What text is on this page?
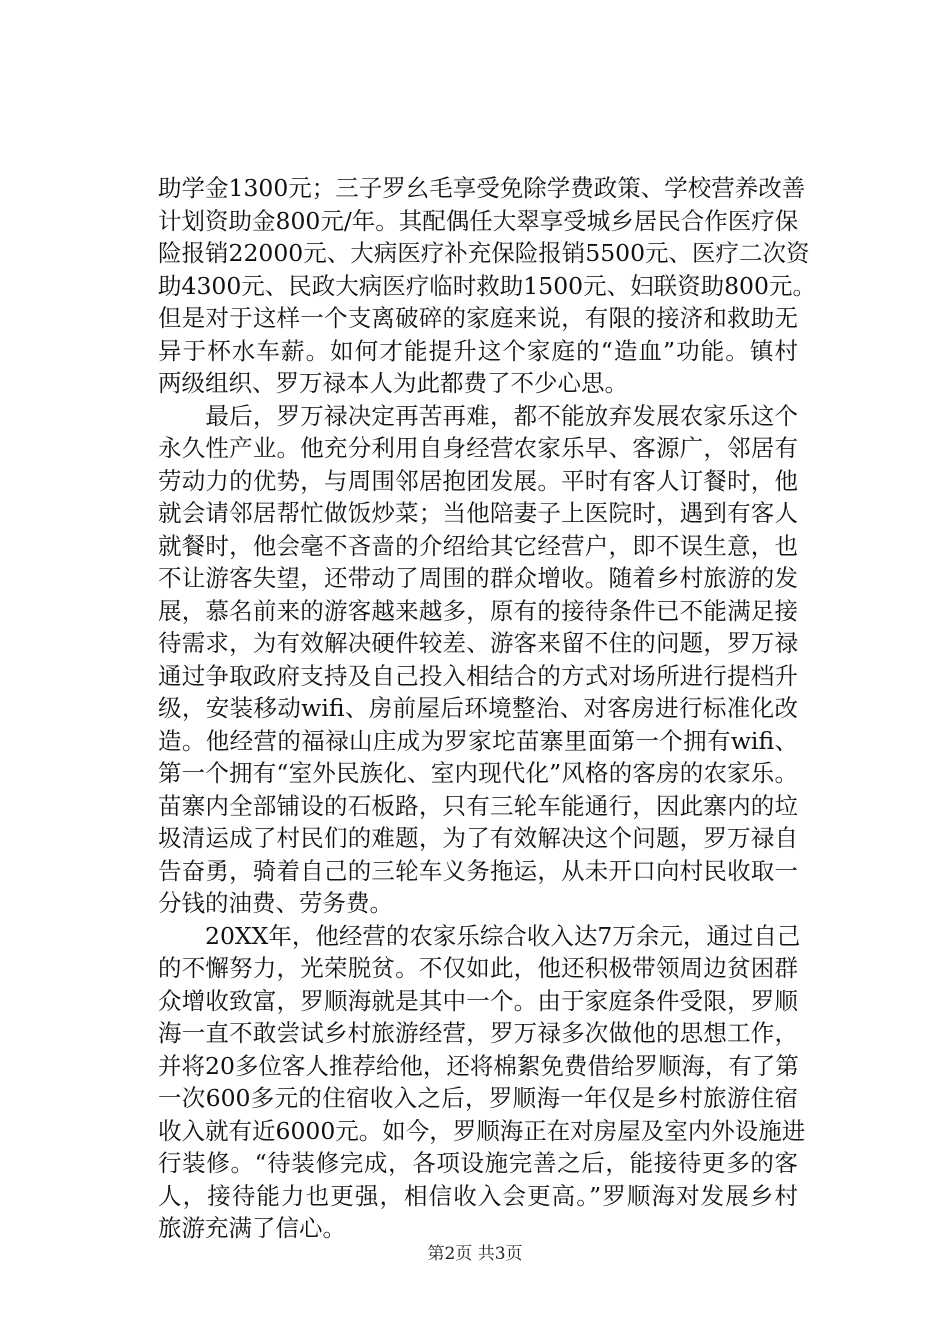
助学金1300元；三子罗幺毛享受免除学费政策、学校营养改善
计划资助金800元/年。其配偶任大翠享受城乡居民合作医疗保
险报销22000元、大病医疗补充保险报销5500元、医疗二次资
助4300元、民政大病医疗临时救助1500元、妇联资助800元。
但是对于这样一个支离破碎的家庭来说，有限的接济和救助无
异于杯水车薪。如何才能提升这个家庭的“造血”功能。镇村
两级组织、罗万禄本人为此都费了不少心思。
　　最后，罗万禄决定再苦再难，都不能放弃发展农家乐这个
永久性产业。他充分利用自身经营农家乐早、客源广，邻居有
劳动力的优势，与周围邻居抱团发展。平时有客人订餐时，他
就会请邻居帮忙做饭炒菜；当他陪妻子上医院时，遇到有客人
就餐时，他会毫不吝啬的介绍给其它经营户，即不误生意，也
不让游客失望，还带动了周围的群众增收。随着乡村旅游的发
展，慕名前来的游客越来越多，原有的接待条件已不能满足接
待需求，为有效解决硬件较差、游客来留不住的问题，罗万禄
通过争取政府支持及自己投入相结合的方式对场所进行提档升
级，安装移动wifi、房前屋后环境整治、对客房进行标准化改
造。他经营的福禄山庄成为罗家坨苗寨里面第一个拥有wifi、
第一个拥有“室外民族化、室内现代化”风格的客房的农家乐。
苗寨内全部铺设的石板路，只有三轮车能通行，因此寨内的垃
圾清运成了村民们的难题，为了有效解决这个问题，罗万禄自
告奋勇，骑着自己的三轮车义务拖运，从未开口向村民收取一
分钱的油费、劳务费。
　　20XX年，他经营的农家乐综合收入达7万余元，通过自己
的不懈努力，光荣脱贫。不仅如此，他还积极带领周边贫困群
众增收致富，罗顺海就是其中一个。由于家庭条件受限，罗顺
海一直不敢尝试乡村旅游经营，罗万禄多次做他的思想工作，
并将20多位客人推荐给他，还将棉絮免费借给罗顺海，有了第
一次600多元的住宿收入之后，罗顺海一年仅是乡村旅游住宿
收入就有近6000元。如今，罗顺海正在对房屋及室内外设施进
行装修。“待装修完成，各项设施完善之后，能接待更多的客
人，接待能力也更强，相信收入会更高。”罗顺海对发展乡村
旅游充满了信心。
第2页 共3页
